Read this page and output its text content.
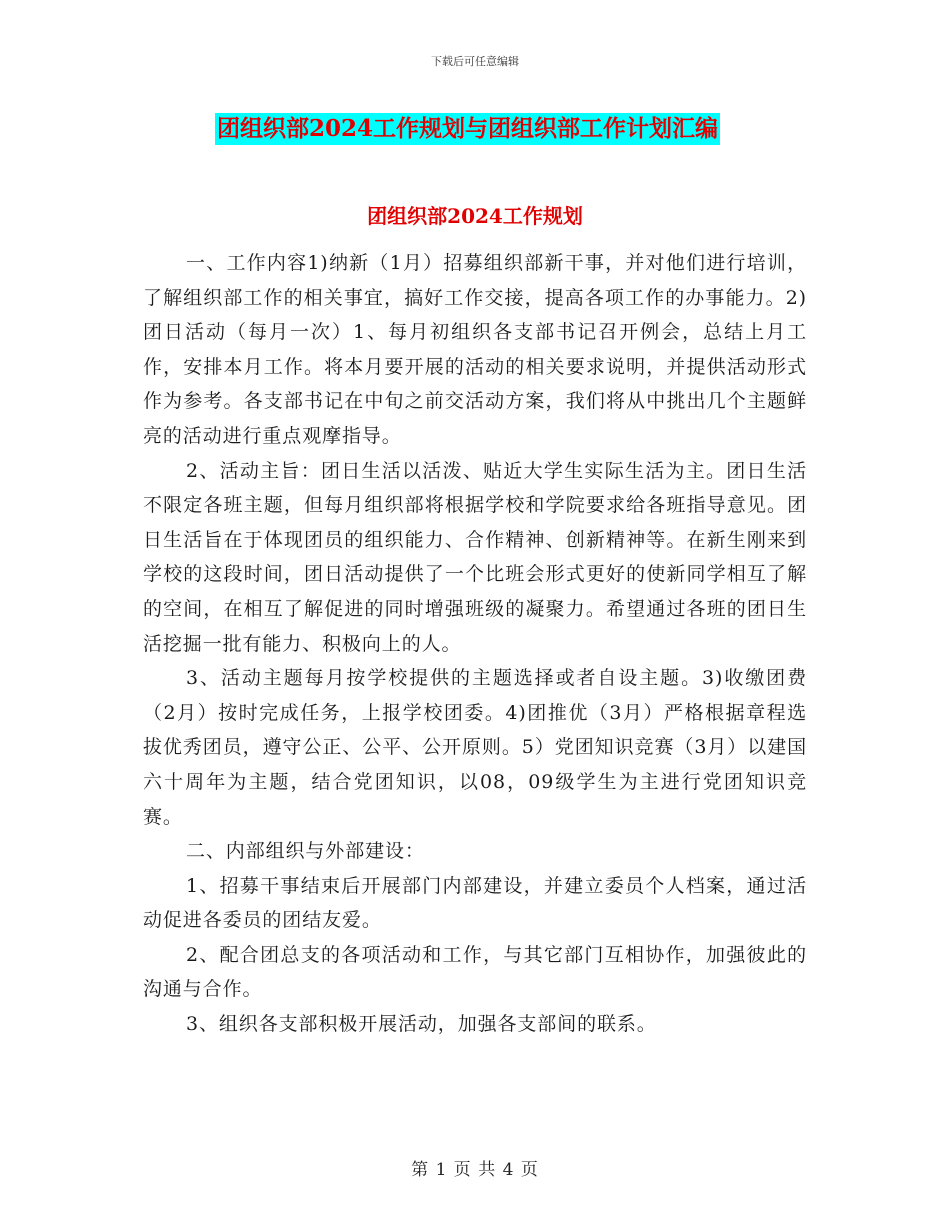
下载后可任意编辑
团组织部2024工作规划与团组织部工作计划汇编
团组织部2024工作规划

一、工作内容1)纳新（1月）招募组织部新干事，并对他们进行培训，了解组织部工作的相关事宜，搞好工作交接，提高各项工作的办事能力。2)团日活动（每月一次）1、每月初组织各支部书记召开例会，总结上月工作，安排本月工作。将本月要开展的活动的相关要求说明，并提供活动形式作为参考。各支部书记在中旬之前交活动方案，我们将从中挑出几个主题鲜亮的活动进行重点观摩指导。

2、活动主旨：团日生活以活泼、贴近大学生实际生活为主。团日生活不限定各班主题，但每月组织部将根据学校和学院要求给各班指导意见。团日生活旨在于体现团员的组织能力、合作精神、创新精神等。在新生刚来到学校的这段时间，团日活动提供了一个比班会形式更好的使新同学相互了解的空间，在相互了解促进的同时增强班级的凝聚力。希望通过各班的团日生活挖掘一批有能力、积极向上的人。

3、活动主题每月按学校提供的主题选择或者自设主题。3)收缴团费（2月）按时完成任务，上报学校团委。4)团推优（3月）严格根据章程选拔优秀团员，遵守公正、公平、公开原则。5）党团知识竞赛（3月）以建国六十周年为主题，结合党团知识，以08，09级学生为主进行党团知识竞赛。

二、内部组织与外部建设：

1、招募干事结束后开展部门内部建设，并建立委员个人档案，通过活动促进各委员的团结友爱。

2、配合团总支的各项活动和工作，与其它部门互相协作，加强彼此的沟通与合作。

3、组织各支部积极开展活动，加强各支部间的联系。

第 1 页 共 4 页
